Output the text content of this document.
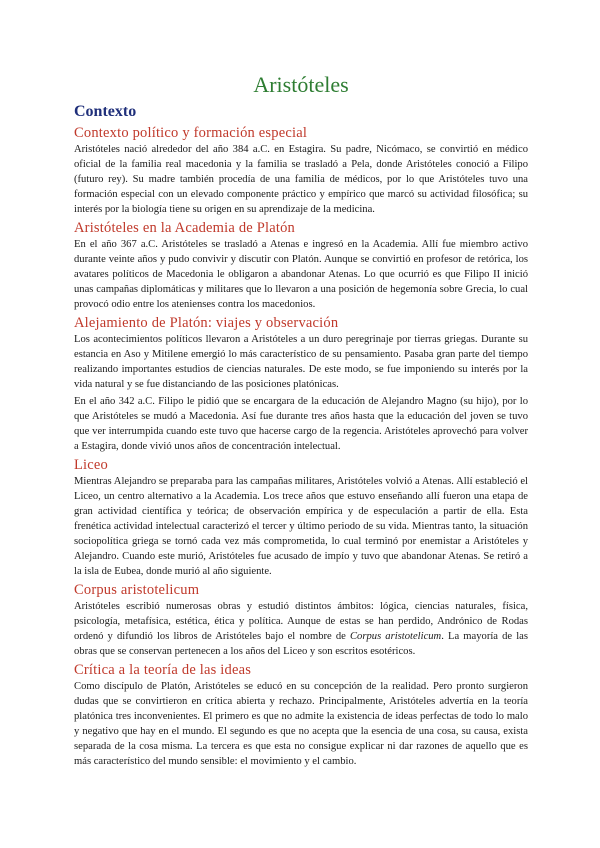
Aristóteles
Contexto
Contexto político y formación especial

Aristóteles nació alrededor del año 384 a.C. en Estagira. Su padre, Nicómaco, se convirtió en médico oficial de la familia real macedonia y la familia se trasladó a Pela, donde Aristóteles conoció a Filipo (futuro rey). Su madre también procedía de una familia de médicos, por lo que Aristóteles tuvo una formación especial con un elevado componente práctico y empírico que marcó su actividad filosófica; su interés por la biología tiene su origen en su aprendizaje de la medicina.

Aristóteles en la Academia de Platón

En el año 367 a.C. Aristóteles se trasladó a Atenas e ingresó en la Academia. Allí fue miembro activo durante veinte años y pudo convivir y discutir con Platón. Aunque se convirtió en profesor de retórica, los avatares políticos de Macedonia le obligaron a abandonar Atenas. Lo que ocurrió es que Filipo II inició unas campañas diplomáticas y militares que lo llevaron a una posición de hegemonía sobre Grecia, lo cual provocó odio entre los atenienses contra los macedonios.

Alejamiento de Platón: viajes y observación

Los acontecimientos políticos llevaron a Aristóteles a un duro peregrinaje por tierras griegas. Durante su estancia en Aso y Mitilene emergió lo más característico de su pensamiento. Pasaba gran parte del tiempo realizando importantes estudios de ciencias naturales. De este modo, se fue imponiendo su interés por la vida natural y se fue distanciando de las posiciones platónicas.

En el año 342 a.C. Filipo le pidió que se encargara de la educación de Alejandro Magno (su hijo), por lo que Aristóteles se mudó a Macedonia. Así fue durante tres años hasta que la educación del joven se tuvo que ver interrumpida cuando este tuvo que hacerse cargo de la regencia. Aristóteles aprovechó para volver a Estagira, donde vivió unos años de concentración intelectual.

Liceo

Mientras Alejandro se preparaba para las campañas militares, Aristóteles volvió a Atenas. Allí estableció el Liceo, un centro alternativo a la Academia. Los trece años que estuvo enseñando allí fueron una etapa de gran actividad científica y teórica; de observación empírica y de especulación a partir de ella. Esta frenética actividad intelectual caracterizó el tercer y último periodo de su vida. Mientras tanto, la situación sociopolítica griega se tornó cada vez más comprometida, lo cual terminó por enemistar a Aristóteles y Alejandro. Cuando este murió, Aristóteles fue acusado de impío y tuvo que abandonar Atenas. Se retiró a la isla de Eubea, donde murió al año siguiente.

Corpus aristotelicum

Aristóteles escribió numerosas obras y estudió distintos ámbitos: lógica, ciencias naturales, física, psicología, metafísica, estética, ética y política. Aunque de estas se han perdido, Andrónico de Rodas ordenó y difundió los libros de Aristóteles bajo el nombre de Corpus aristotelicum. La mayoría de las obras que se conservan pertenecen a los años del Liceo y son escritos esotéricos.

Crítica a la teoría de las ideas

Como discípulo de Platón, Aristóteles se educó en su concepción de la realidad. Pero pronto surgieron dudas que se convirtieron en crítica abierta y rechazo. Principalmente, Aristóteles advertía en la teoría platónica tres inconvenientes. El primero es que no admite la existencia de ideas perfectas de todo lo malo y negativo que hay en el mundo. El segundo es que no acepta que la esencia de una cosa, su causa, exista separada de la cosa misma. La tercera es que esta no consigue explicar ni dar razones de aquello que es más característico del mundo sensible: el movimiento y el cambio.
